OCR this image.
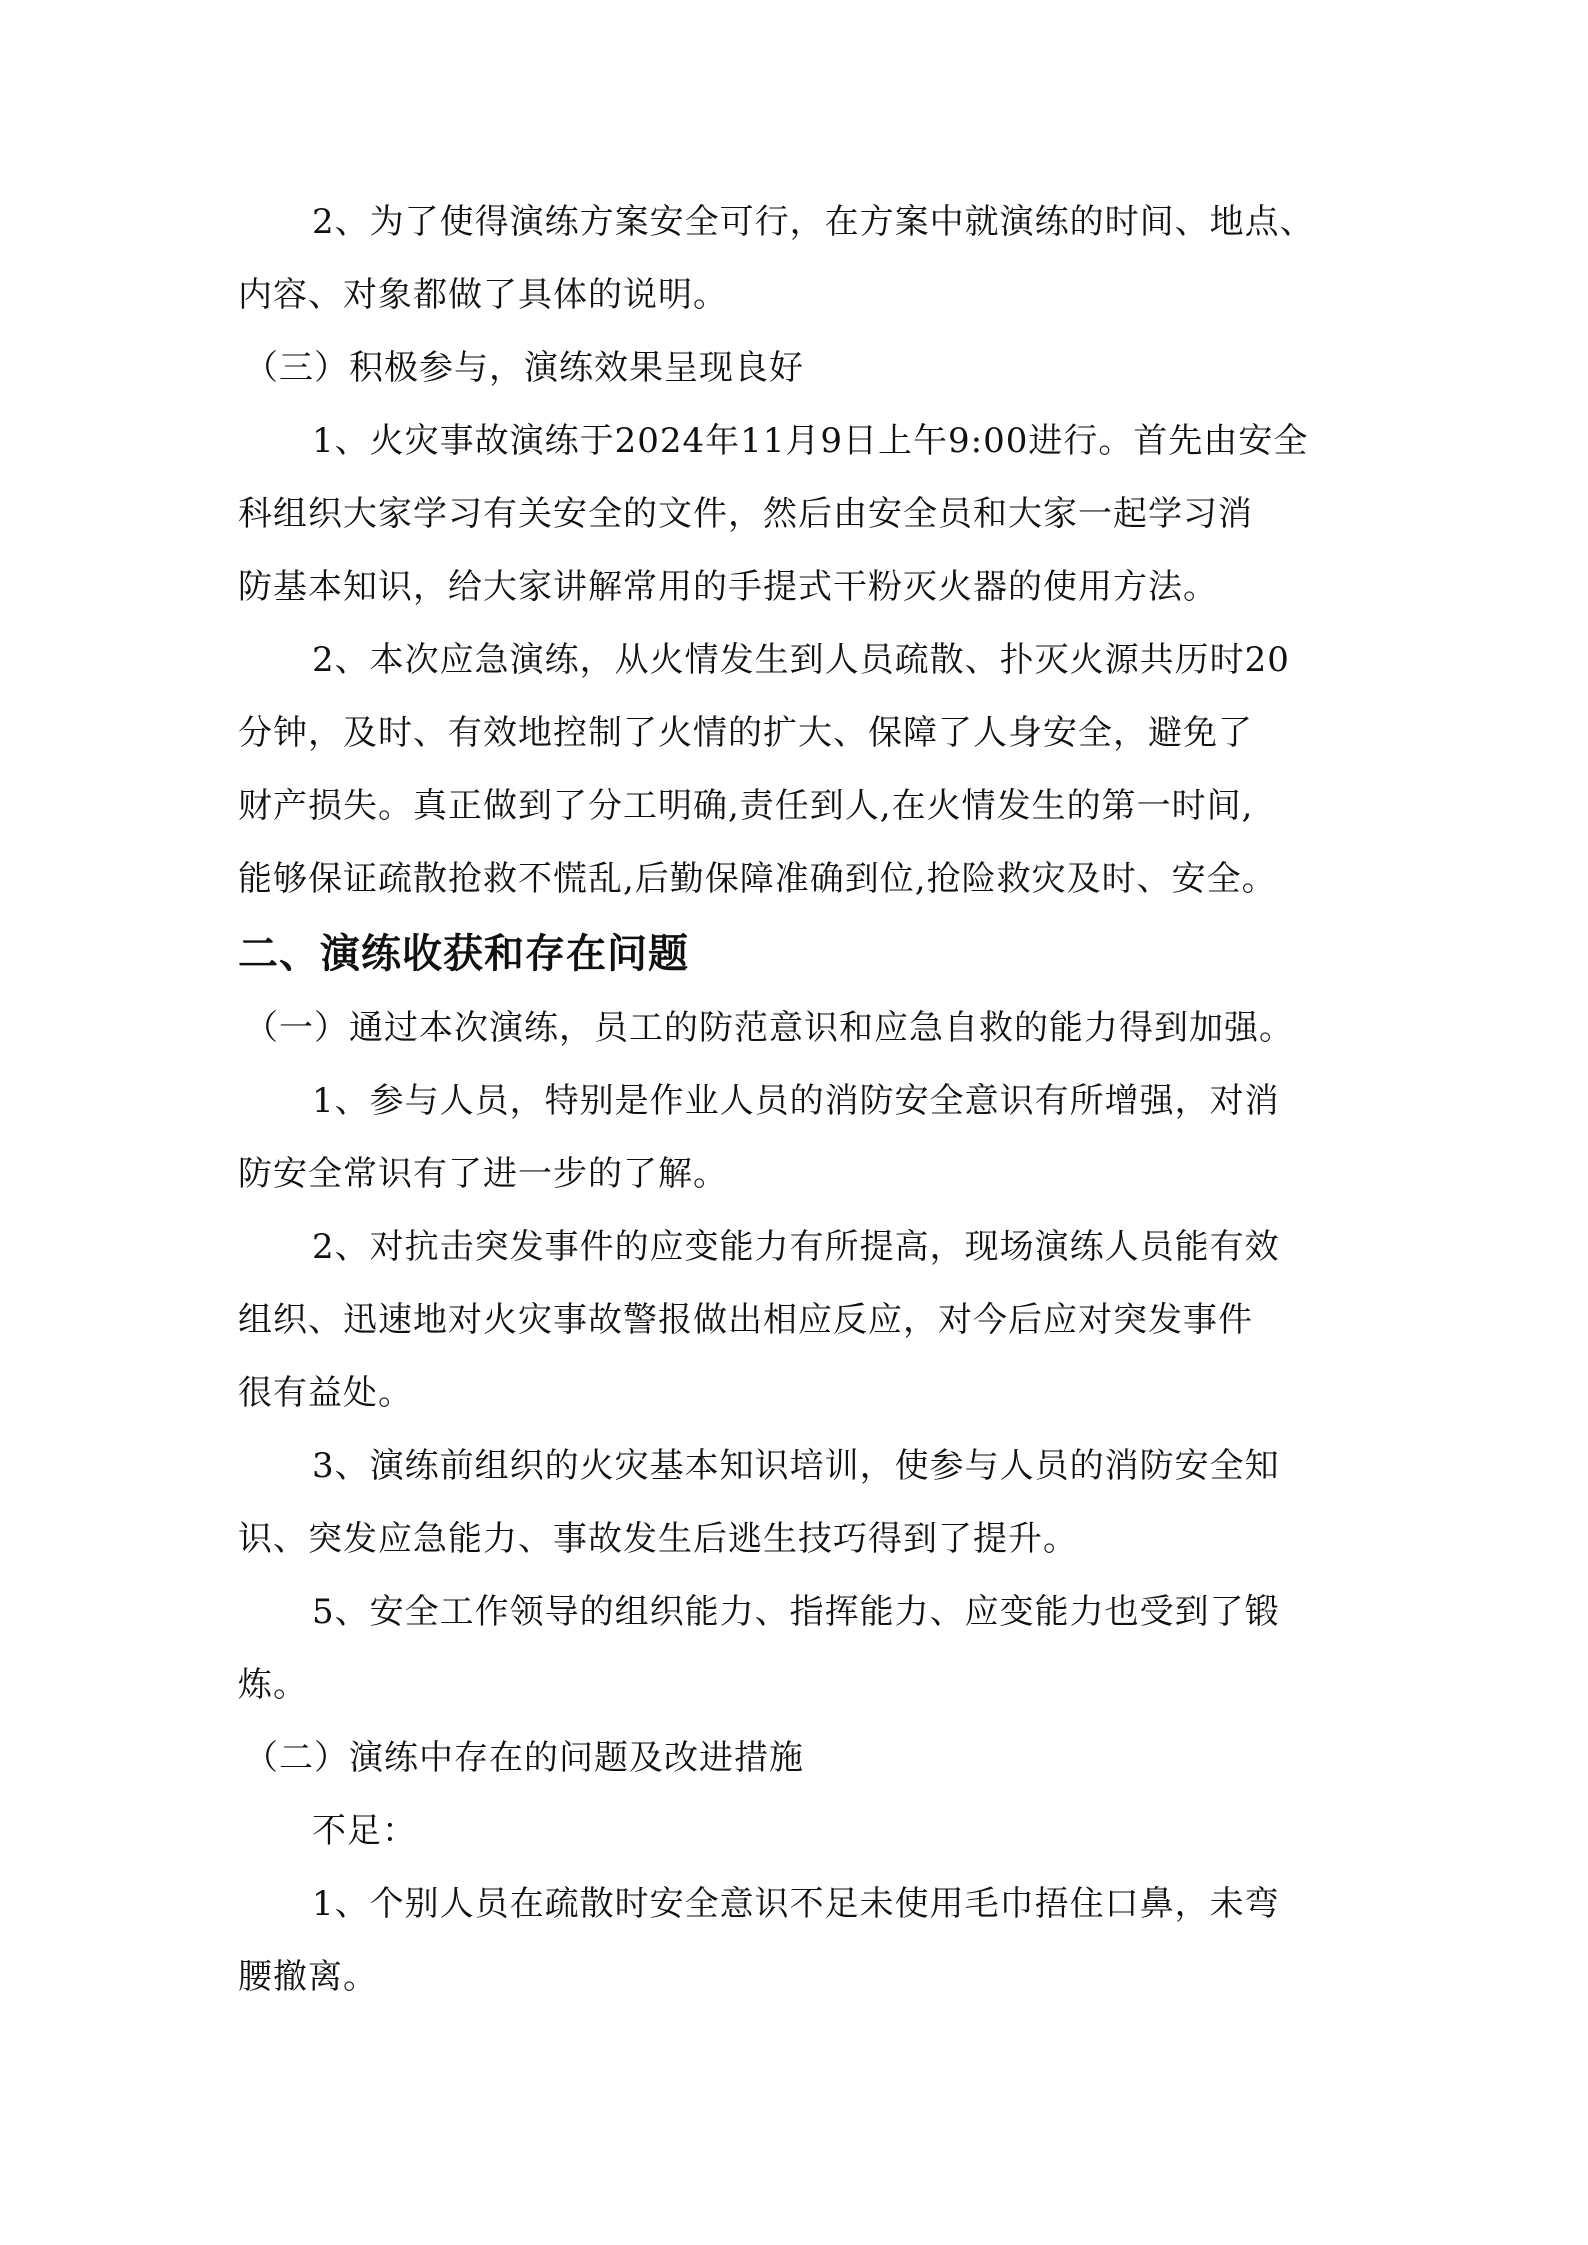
2、为了使得演练方案安全可行，在方案中就演练的时间、地点、

内容、对象都做了具体的说明。

（三）积极参与，演练效果呈现良好

1、火灾事故演练于2024年11月9日上午9:00进行。首先由安全

科组织大家学习有关安全的文件，然后由安全员和大家一起学习消

防基本知识，给大家讲解常用的手提式干粉灭火器的使用方法。

2、本次应急演练，从火情发生到人员疏散、扑灭火源共历时20

分钟，及时、有效地控制了火情的扩大、保障了人身安全，避免了

财产损失。真正做到了分工明确,责任到人,在火情发生的第一时间,

能够保证疏散抢救不慌乱,后勤保障准确到位,抢险救灾及时、安全。

二、演练收获和存在问题

（一）通过本次演练，员工的防范意识和应急自救的能力得到加强。

1、参与人员，特别是作业人员的消防安全意识有所增强，对消

防安全常识有了进一步的了解。

2、对抗击突发事件的应变能力有所提高，现场演练人员能有效

组织、迅速地对火灾事故警报做出相应反应，对今后应对突发事件

很有益处。

3、演练前组织的火灾基本知识培训，使参与人员的消防安全知

识、突发应急能力、事故发生后逃生技巧得到了提升。

5、安全工作领导的组织能力、指挥能力、应变能力也受到了锻

炼。

（二）演练中存在的问题及改进措施

不足：

1、个别人员在疏散时安全意识不足未使用毛巾捂住口鼻，未弯

腰撤离。
